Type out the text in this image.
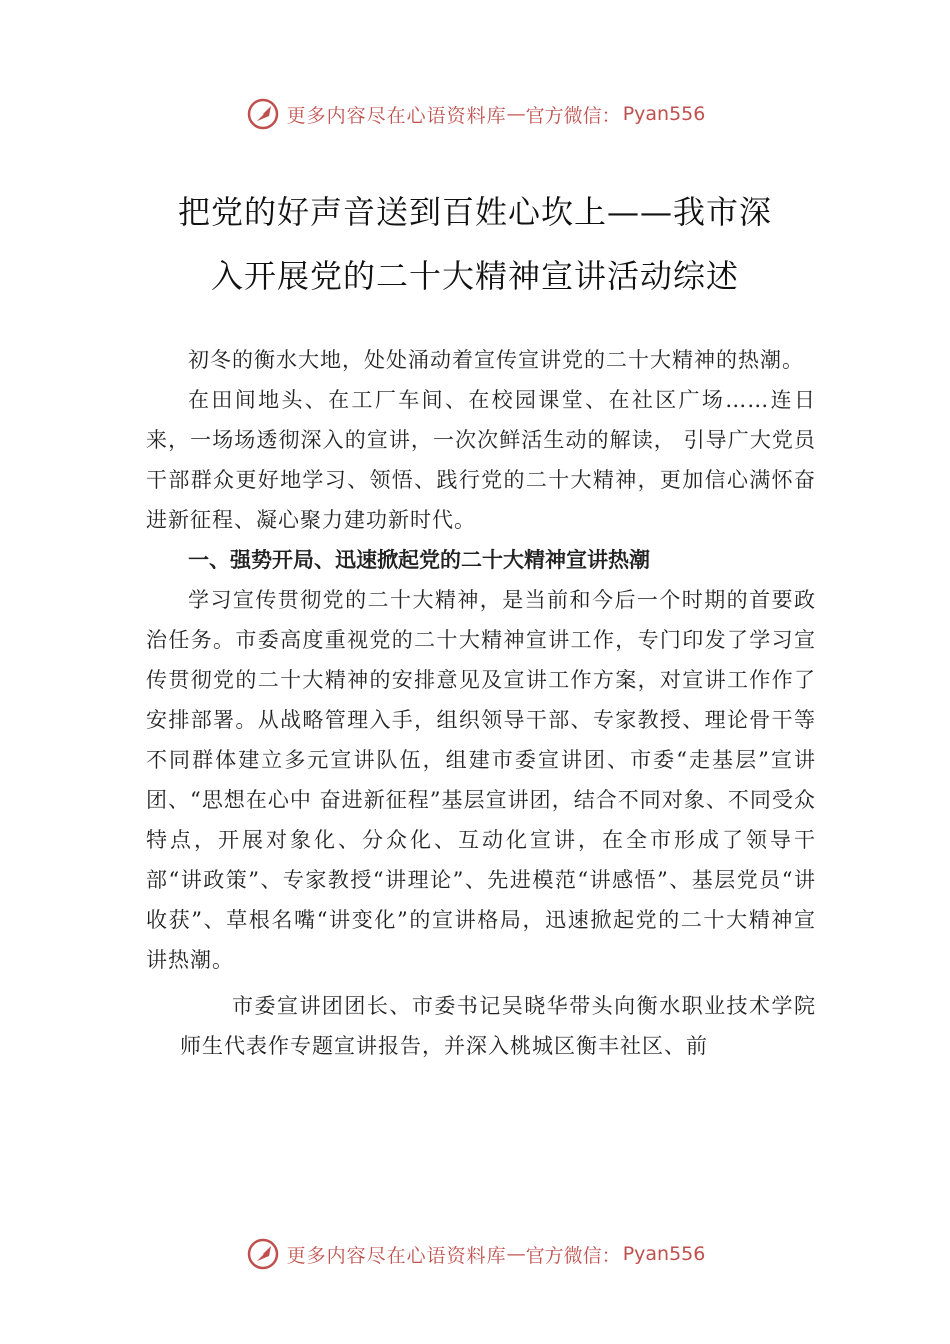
更多内容尽在心语资料库 — 官方微信： Pyan556
把党的好声音送到百姓心坎上——我市深
入开展党的二十大精神宣讲活动综述

初冬的衡水大地，处处涌动着宣传宣讲党的二十大精神的热潮。

在田间地头、在工厂车间、在校园课堂、在社区广场……连日来，一场场透彻深入的宣讲，一次次鲜活生动的解读， 引导广大党员干部群众更好地学习、领悟、践行党的二十大精神，更加信心满怀奋进新征程、凝心聚力建功新时代。

一、强势开局、迅速掀起党的二十大精神宣讲热潮

学习宣传贯彻党的二十大精神，是当前和今后一个时期的首要政治任务。市委高度重视党的二十大精神宣讲工作，专门印发了学习宣传贯彻党的二十大精神的安排意见及宣讲工作方案，对宣讲工作作了安排部署。从战略管理入手，组织领导干部、专家教授、理论骨干等不同群体建立多元宣讲队伍，组建市委宣讲团、市委“走基层”宣讲团、“思想在心中 奋进新征程”基层宣讲团，结合不同对象、不同受众特点，开展对象化、分众化、互动化宣讲，在全市形成了领导干部“讲政策”、专家教授“讲理论”、先进模范“讲感悟”、基层党员“讲收获”、草根名嘴“讲变化”的宣讲格局，迅速掀起党的二十大精神宣讲热潮。

市委宣讲团团长、市委书记吴晓华带头向衡水职业技术学院师生代表作专题宣讲报告，并深入桃城区衡丰社区、前

更多内容尽在心语资料库 — 官方微信： Pyan556
